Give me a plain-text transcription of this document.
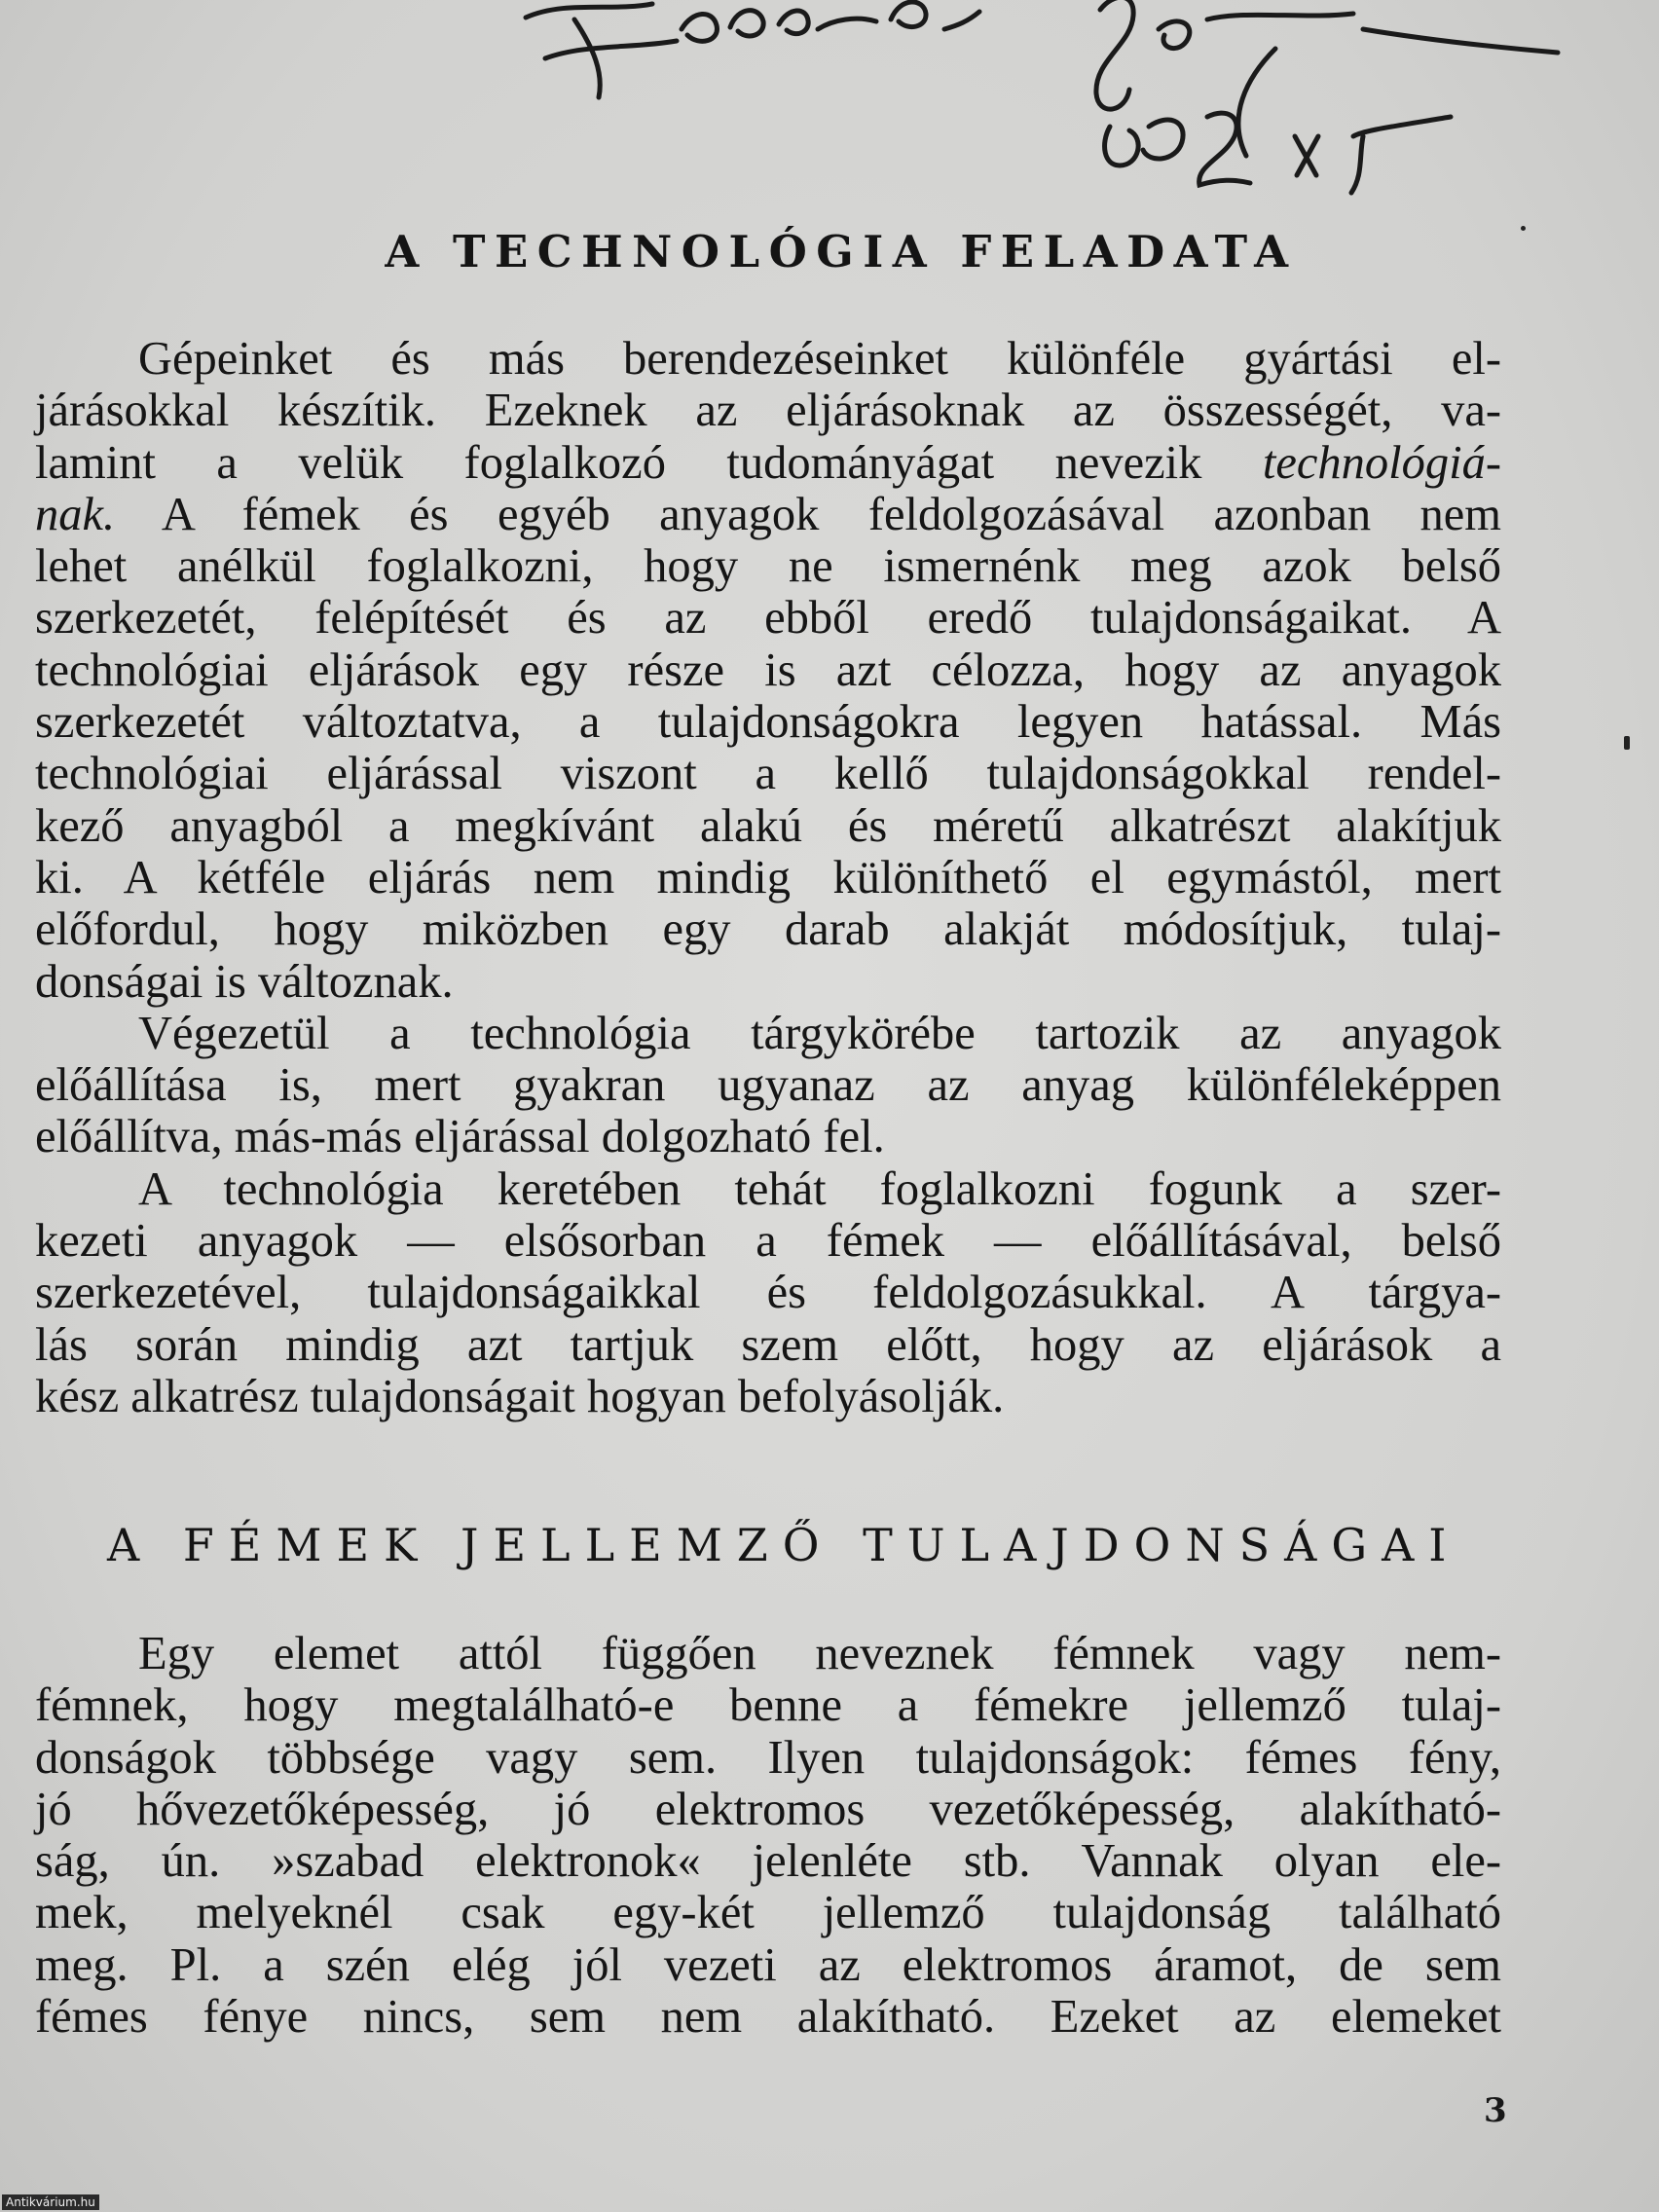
A TECHNOLÓGIA FELADATA
Gépeinket és más berendezéseinket különféle gyártási el-
járásokkal készítik. Ezeknek az eljárásoknak az összességét, va-
lamint a velük foglalkozó tudományágat nevezik technológiá-
nak. A fémek és egyéb anyagok feldolgozásával azonban nem
lehet anélkül foglalkozni, hogy ne ismernénk meg azok belső
szerkezetét, felépítését és az ebből eredő tulajdonságaikat. A
technológiai eljárások egy része is azt célozza, hogy az anyagok
szerkezetét változtatva, a tulajdonságokra legyen hatással. Más
technológiai eljárással viszont a kellő tulajdonságokkal rendel-
kező anyagból a megkívánt alakú és méretű alkatrészt alakítjuk
ki. A kétféle eljárás nem mindig különíthető el egymástól, mert
előfordul, hogy miközben egy darab alakját módosítjuk, tulaj-
donságai is változnak.
Végezetül a technológia tárgykörébe tartozik az anyagok
előállítása is, mert gyakran ugyanaz az anyag különféleképpen
előállítva, más-más eljárással dolgozható fel.
A technológia keretében tehát foglalkozni fogunk a szer-
kezeti anyagok — elsősorban a fémek — előállításával, belső
szerkezetével, tulajdonságaikkal és feldolgozásukkal. A tárgya-
lás során mindig azt tartjuk szem előtt, hogy az eljárások a
kész alkatrész tulajdonságait hogyan befolyásolják.
A FÉMEK JELLEMZŐ TULAJDONSÁGAI
Egy elemet attól függően neveznek fémnek vagy nem-
fémnek, hogy megtalálható-e benne a fémekre jellemző tulaj-
donságok többsége vagy sem. Ilyen tulajdonságok: fémes fény,
jó hővezetőképesség, jó elektromos vezetőképesség, alakítható-
ság, ún. »szabad elektronok« jelenléte stb. Vannak olyan ele-
mek, melyeknél csak egy-két jellemző tulajdonság található
meg. Pl. a szén elég jól vezeti az elektromos áramot, de sem
fémes fénye nincs, sem nem alakítható. Ezeket az elemeket
3
Antikvárium.hu
